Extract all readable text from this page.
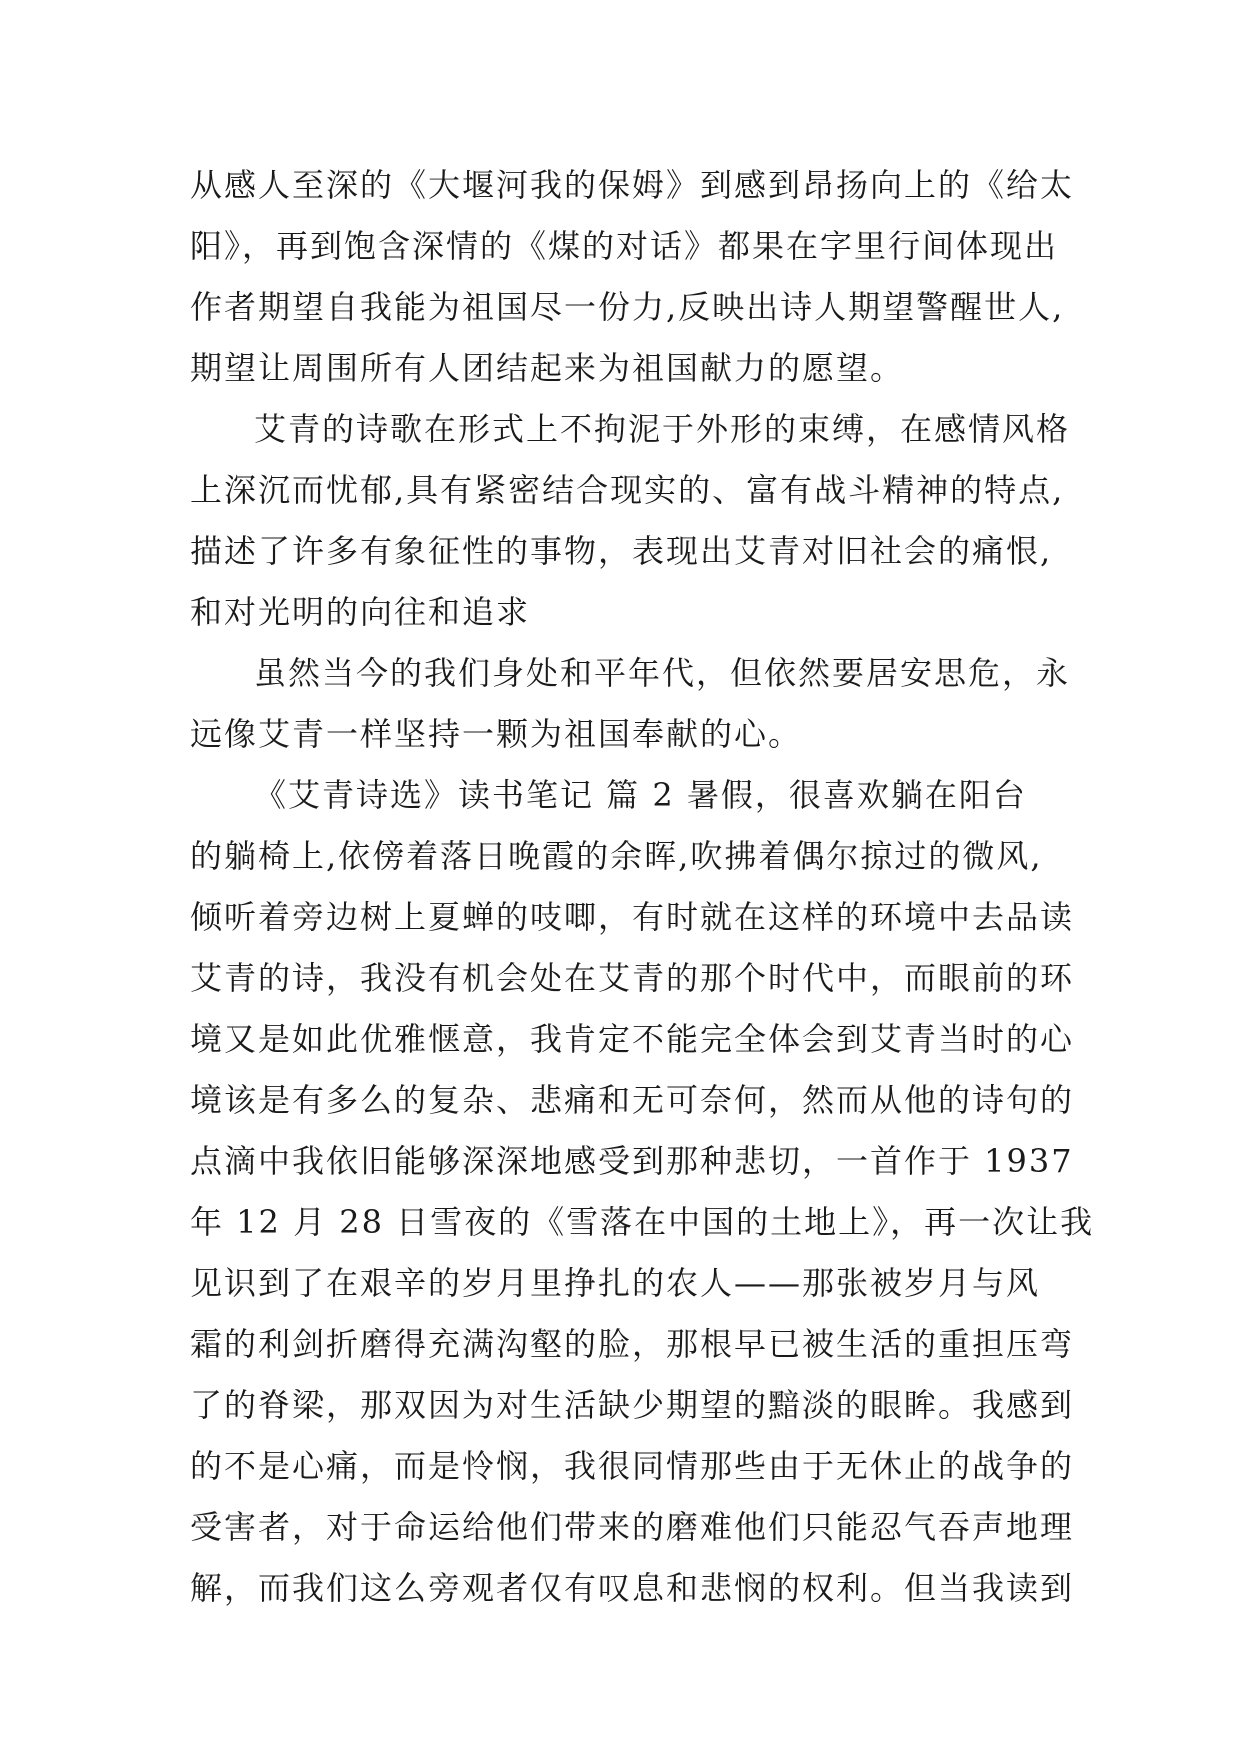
从感人至深的《大堰河我的保姆》到感到昂扬向上的《给太
阳》，再到饱含深情的《煤的对话》都果在字里行间体现出
作者期望自我能为祖国尽一份力,反映出诗人期望警醒世人,
期望让周围所有人团结起来为祖国献力的愿望。
艾青的诗歌在形式上不拘泥于外形的束缚，在感情风格
上深沉而忧郁,具有紧密结合现实的、富有战斗精神的特点,
描述了许多有象征性的事物，表现出艾青对旧社会的痛恨,
和对光明的向往和追求
虽然当今的我们身处和平年代，但依然要居安思危，永
远像艾青一样坚持一颗为祖国奉献的心。
《艾青诗选》读书笔记 篇 2 暑假，很喜欢躺在阳台
的躺椅上,依傍着落日晚霞的余晖,吹拂着偶尔掠过的微风,
倾听着旁边树上夏蝉的吱唧，有时就在这样的环境中去品读
艾青的诗，我没有机会处在艾青的那个时代中，而眼前的环
境又是如此优雅惬意，我肯定不能完全体会到艾青当时的心
境该是有多么的复杂、悲痛和无可奈何，然而从他的诗句的
点滴中我依旧能够深深地感受到那种悲切，一首作于 1937
年 12 月 28 日雪夜的《雪落在中国的土地上》，再一次让我
见识到了在艰辛的岁月里挣扎的农人——那张被岁月与风
霜的利剑折磨得充满沟壑的脸，那根早已被生活的重担压弯
了的脊梁，那双因为对生活缺少期望的黯淡的眼眸。我感到
的不是心痛，而是怜悯，我很同情那些由于无休止的战争的
受害者，对于命运给他们带来的磨难他们只能忍气吞声地理
解，而我们这么旁观者仅有叹息和悲悯的权利。但当我读到
